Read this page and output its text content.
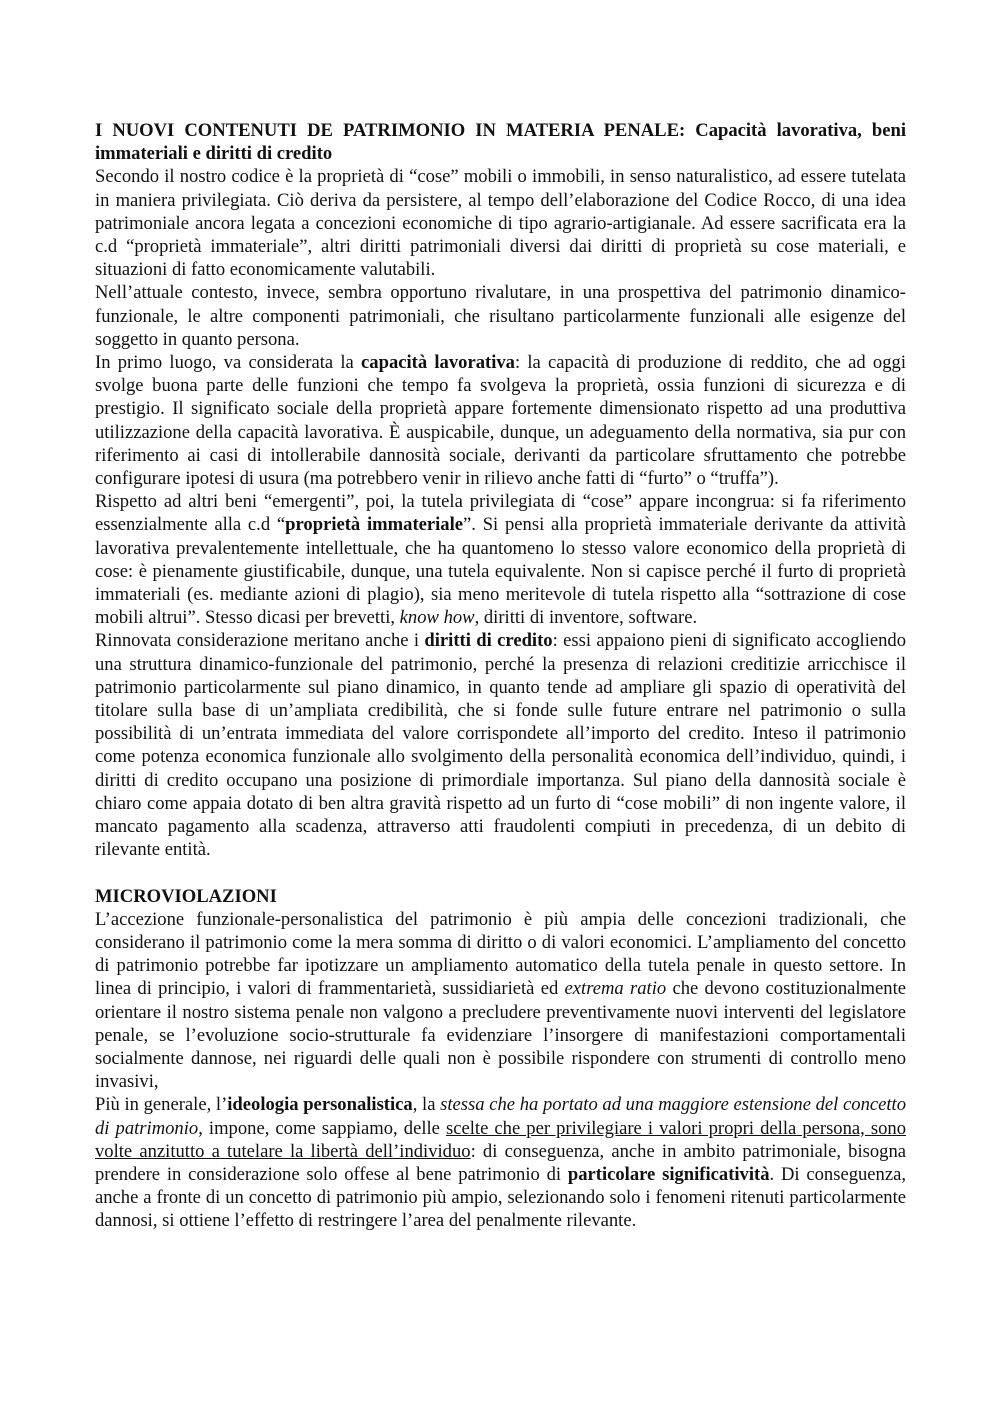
I NUOVI CONTENUTI DE PATRIMONIO IN MATERIA PENALE: Capacità lavorativa, beni immateriali e diritti di credito

Secondo il nostro codice è la proprietà di “cose” mobili o immobili, in senso naturalistico, ad essere tutelata in maniera privilegiata. Ciò deriva da persistere, al tempo dell’elaborazione del Codice Rocco, di una idea patrimoniale ancora legata a concezioni economiche di tipo agrario-artigianale. Ad essere sacrificata era la c.d “proprietà immateriale”, altri diritti patrimoniali diversi dai diritti di proprietà su cose materiali, e situazioni di fatto economicamente valutabili.

Nell’attuale contesto, invece, sembra opportuno rivalutare, in una prospettiva del patrimonio dinamico-funzionale, le altre componenti patrimoniali, che risultano particolarmente funzionali alle esigenze del soggetto in quanto persona.

In primo luogo, va considerata la capacità lavorativa: la capacità di produzione di reddito, che ad oggi svolge buona parte delle funzioni che tempo fa svolgeva la proprietà, ossia funzioni di sicurezza e di prestigio. Il significato sociale della proprietà appare fortemente dimensionato rispetto ad una produttiva utilizzazione della capacità lavorativa. È auspicabile, dunque, un adeguamento della normativa, sia pur con riferimento ai casi di intollerabile dannosità sociale, derivanti da particolare sfruttamento che potrebbe configurare ipotesi di usura (ma potrebbero venir in rilievo anche fatti di “furto” o “truffa”).

Rispetto ad altri beni “emergenti”, poi, la tutela privilegiata di “cose” appare incongrua: si fa riferimento essenzialmente alla c.d “proprietà immateriale”. Si pensi alla proprietà immateriale derivante da attività lavorativa prevalentemente intellettuale, che ha quantomeno lo stesso valore economico della proprietà di cose: è pienamente giustificabile, dunque, una tutela equivalente. Non si capisce perché il furto di proprietà immateriali (es. mediante azioni di plagio), sia meno meritevole di tutela rispetto alla “sottrazione di cose mobili altrui”. Stesso dicasi per brevetti, know how, diritti di inventore, software.

Rinnovata considerazione meritano anche i diritti di credito: essi appaiono pieni di significato accogliendo una struttura dinamico-funzionale del patrimonio, perché la presenza di relazioni creditizie arricchisce il patrimonio particolarmente sul piano dinamico, in quanto tende ad ampliare gli spazio di operatività del titolare sulla base di un’ampliata credibilità, che si fonde sulle future entrare nel patrimonio o sulla possibilità di un’entrata immediata del valore corrispondete all’importo del credito. Inteso il patrimonio come potenza economica funzionale allo svolgimento della personalità economica dell’individuo, quindi, i diritti di credito occupano una posizione di primordiale importanza. Sul piano della dannosità sociale è chiaro come appaia dotato di ben altra gravità rispetto ad un furto di “cose mobili” di non ingente valore, il mancato pagamento alla scadenza, attraverso atti fraudolenti compiuti in precedenza, di un debito di rilevante entità.

MICROVIOLAZIONI

L’accezione funzionale-personalistica del patrimonio è più ampia delle concezioni tradizionali, che considerano il patrimonio come la mera somma di diritto o di valori economici. L’ampliamento del concetto di patrimonio potrebbe far ipotizzare un ampliamento automatico della tutela penale in questo settore. In linea di principio, i valori di frammentarietà, sussidiarietà ed extrema ratio che devono costituzionalmente orientare il nostro sistema penale non valgono a precludere preventivamente nuovi interventi del legislatore penale, se l’evoluzione socio-strutturale fa evidenziare l’insorgere di manifestazioni comportamentali socialmente dannose, nei riguardi delle quali non è possibile rispondere con strumenti di controllo meno invasivi,

Più in generale, l’ideologia personalistica, la stessa che ha portato ad una maggiore estensione del concetto di patrimonio, impone, come sappiamo, delle scelte che per privilegiare i valori propri della persona, sono volte anzitutto a tutelare la libertà dell’individuo: di conseguenza, anche in ambito patrimoniale, bisogna prendere in considerazione solo offese al bene patrimonio di particolare significatività. Di conseguenza, anche a fronte di un concetto di patrimonio più ampio, selezionando solo i fenomeni ritenuti particolarmente dannosi, si ottiene l’effetto di restringere l’area del penalmente rilevante.
